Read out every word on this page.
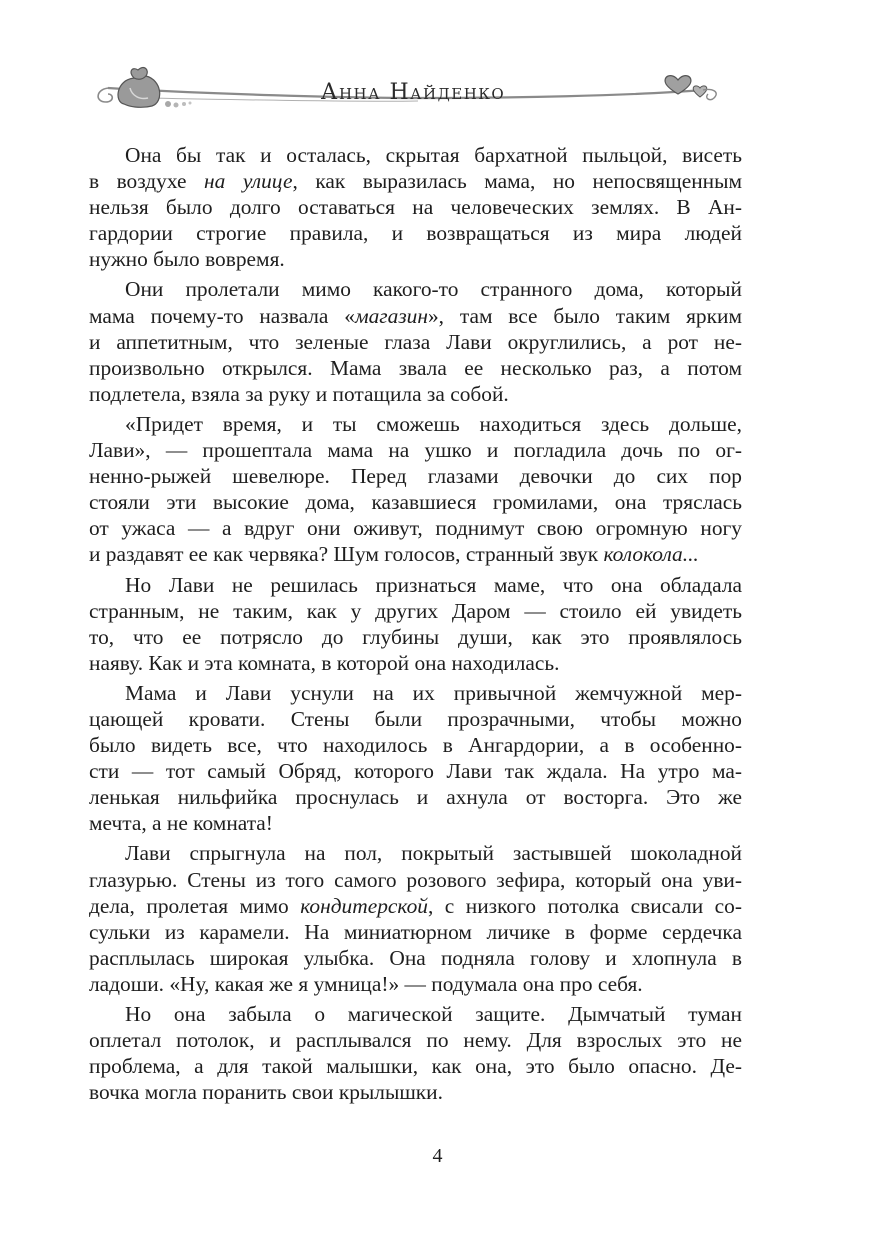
Анна Найденко
Она бы так и осталась, скрытая бархатной пыльцой, висеть
в воздухе на улице, как выразилась мама, но непосвященным
нельзя было долго оставаться на человеческих землях. В Ан-
гардории строгие правила, и возвращаться из мира людей
нужно было вовремя.
Они пролетали мимо какого-то странного дома, который
мама почему-то назвала «магазин», там все было таким ярким
и аппетитным, что зеленые глаза Лави округлились, а рот не-
произвольно открылся. Мама звала ее несколько раз, а потом
подлетела, взяла за руку и потащила за собой.
«Придет время, и ты сможешь находиться здесь дольше,
Лави», — прошептала мама на ушко и погладила дочь по ог-
ненно-рыжей шевелюре. Перед глазами девочки до сих пор
стояли эти высокие дома, казавшиеся громилами, она тряслась
от ужаса — а вдруг они оживут, поднимут свою огромную ногу
и раздавят ее как червяка? Шум голосов, странный звук колокола...
Но Лави не решилась признаться маме, что она обладала
странным, не таким, как у других Даром — стоило ей увидеть
то, что ее потрясло до глубины души, как это проявлялось
наяву. Как и эта комната, в которой она находилась.
Мама и Лави уснули на их привычной жемчужной мер-
цающей кровати. Стены были прозрачными, чтобы можно
было видеть все, что находилось в Ангардории, а в особенно-
сти — тот самый Обряд, которого Лави так ждала. На утро ма-
ленькая нильфийка проснулась и ахнула от восторга. Это же
мечта, а не комната!
Лави спрыгнула на пол, покрытый застывшей шоколадной
глазурью. Стены из того самого розового зефира, который она уви-
дела, пролетая мимо кондитерской, с низкого потолка свисали со-
сульки из карамели. На миниатюрном личике в форме сердечка
расплылась широкая улыбка. Она подняла голову и хлопнула в
ладоши. «Ну, какая же я умница!» — подумала она про себя.
Но она забыла о магической защите. Дымчатый туман
оплетал потолок, и расплывался по нему. Для взрослых это не
проблема, а для такой малышки, как она, это было опасно. Де-
вочка могла поранить свои крылышки.
4
